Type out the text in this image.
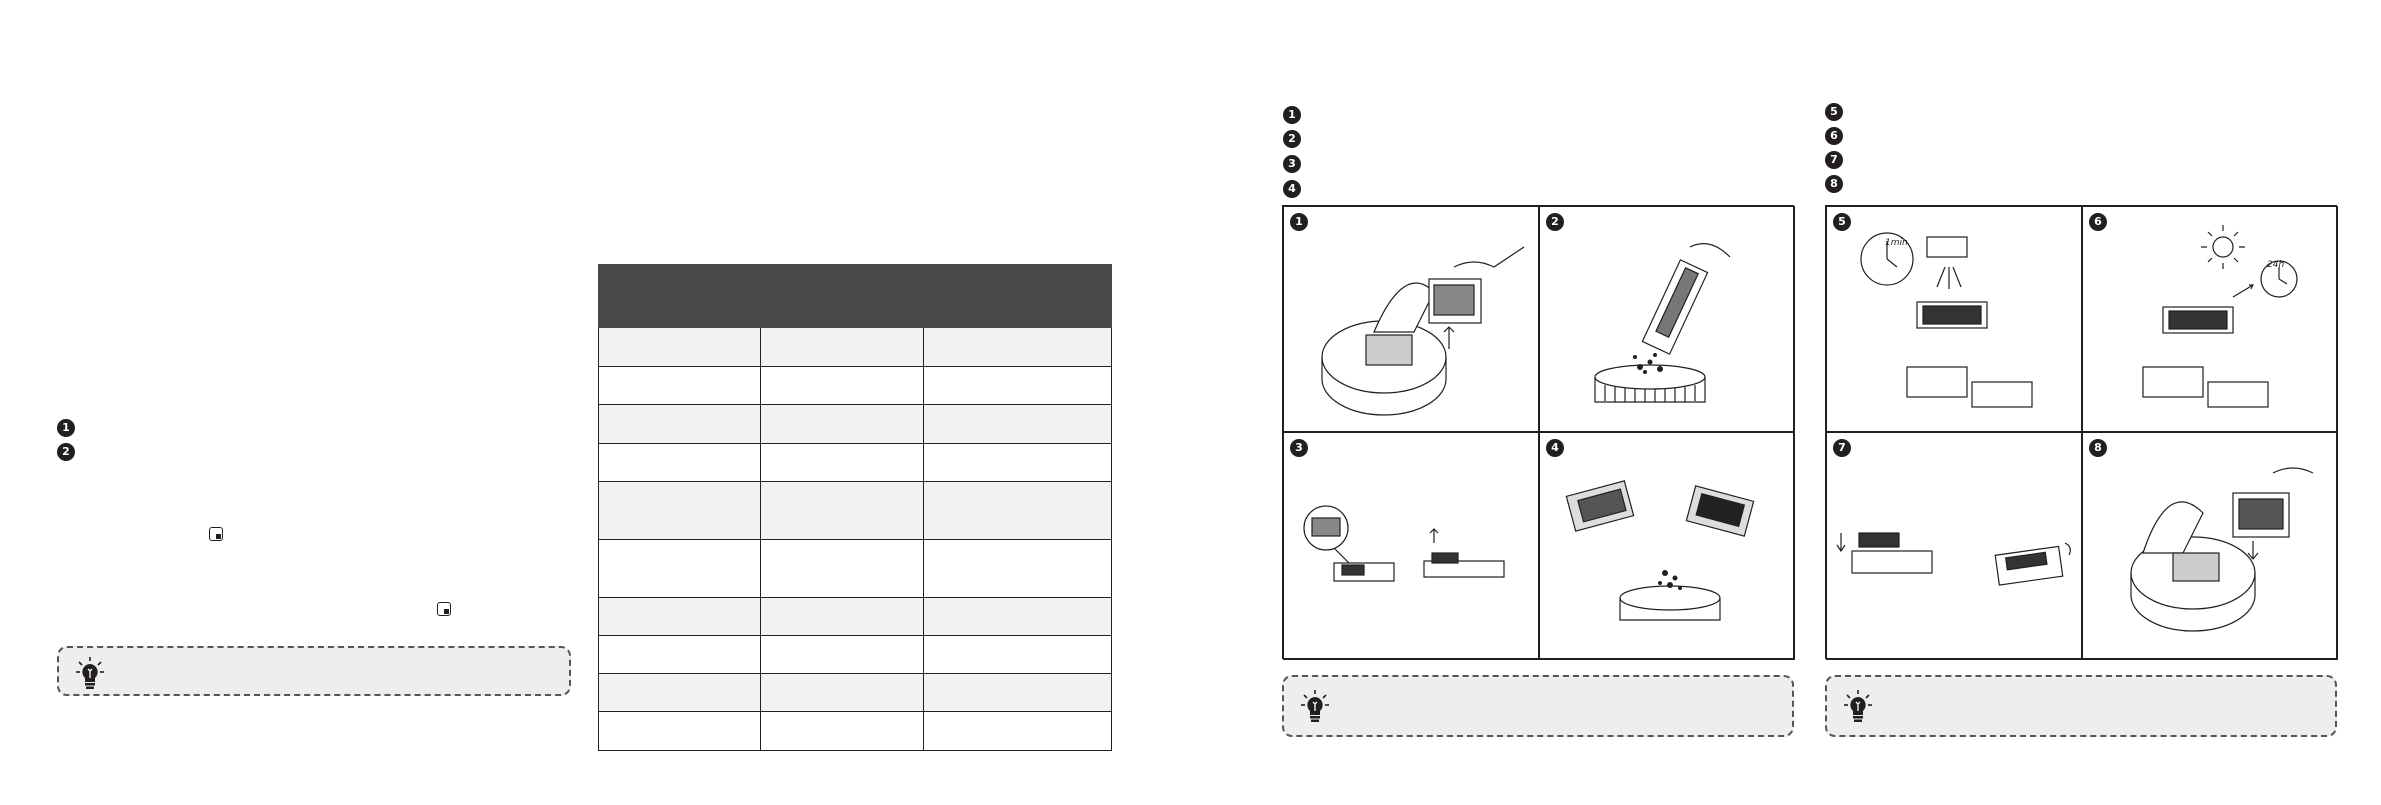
1
2

1
2
3
4
5
6
7
8
1	2
3	4
1min
5
24h
6
7	8
